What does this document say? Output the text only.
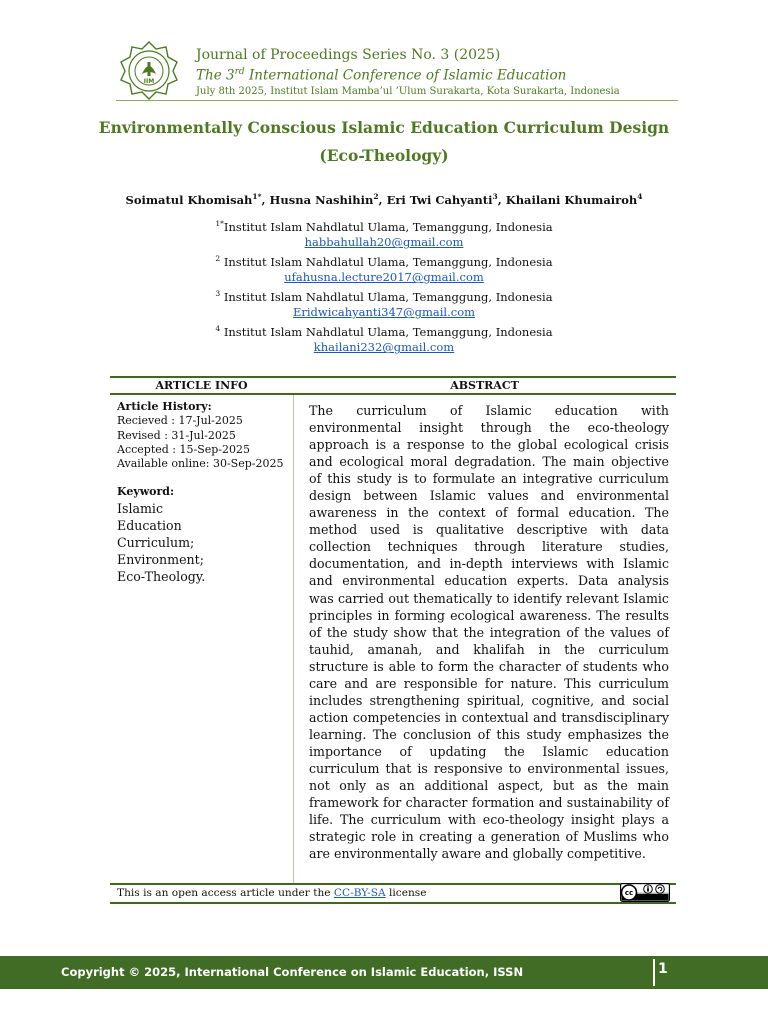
IIM
Journal of Proceedings Series No. 3 (2025)
The 3rd International Conference of Islamic Education
July 8th 2025, Institut Islam Mamba’ul ’Ulum Surakarta, Kota Surakarta, Indonesia
Environmentally Conscious Islamic Education Curriculum Design
(Eco-Theology)
Soimatul Khomisah$^{1*}$, Husna Nashihin$^2$, Eri Twi Cahyanti$^3$, Khailani Khumairoh$^4$
$^{1*}$Institut Islam Nahdlatul Ulama, Temanggung, Indonesia
habbahullah20@gmail.com
$^2$ Institut Islam Nahdlatul Ulama, Temanggung, Indonesia
ufahusna.lecture2017@gmail.com
$^3$ Institut Islam Nahdlatul Ulama, Temanggung, Indonesia
Eridwicahyanti347@gmail.com
$^4$ Institut Islam Nahdlatul Ulama, Temanggung, Indonesia
khailani232@gmail.com
ARTICLE INFO	ABSTRACT
Article History:
Recieved : 17-Jul-2025
Revised : 31-Jul-2025
Accepted : 15-Sep-2025
Available online: 30-Sep-2025
Keyword:
Islamic
Education
Curriculum;
Environment;
Eco-Theology.

The curriculum of Islamic education with environmental insight through the eco-theology approach is a response to the global ecological crisis and ecological moral degradation. The main objective of this study is to formulate an integrative curriculum design between Islamic values and environmental awareness in the context of formal education. The method used is qualitative descriptive with data collection techniques through literature studies, documentation, and in-depth interviews with Islamic and environmental education experts. Data analysis was carried out thematically to identify relevant Islamic principles in forming ecological awareness. The results of the study show that the integration of the values of tauhid, amanah, and khalifah in the curriculum structure is able to form the character of students who care and are responsible for nature. This curriculum includes strengthening spiritual, cognitive, and social action competencies in contextual and transdisciplinary learning. The conclusion of this study emphasizes the importance of updating the Islamic education curriculum that is responsive to environmental issues, not only as an additional aspect, but as the main framework for character formation and sustainability of life. The curriculum with eco-theology insight plays a strategic role in creating a generation of Muslims who are environmentally aware and globally competitive.

This is an open access article under the CC-BY-SA license	cc
Copyright © 2025, International Conference on Islamic Education, ISSN	1
